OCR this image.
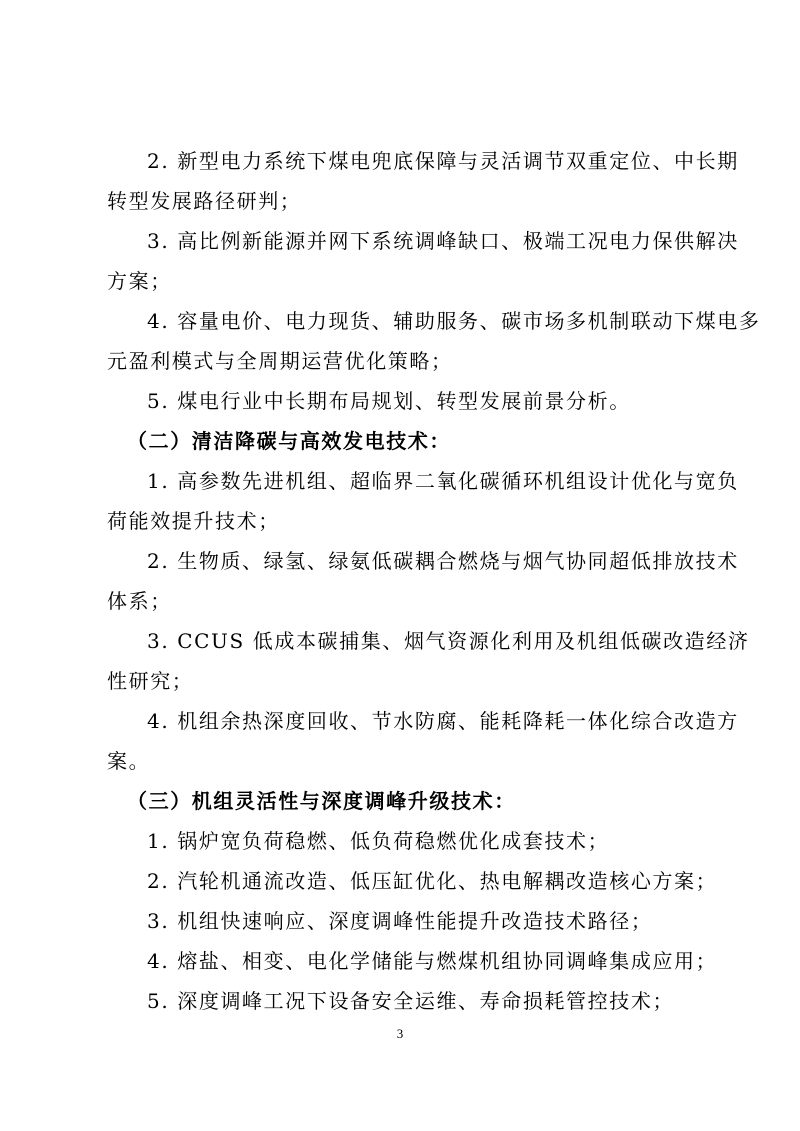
2. 新型电力系统下煤电兜底保障与灵活调节双重定位、中长期

转型发展路径研判；

3. 高比例新能源并网下系统调峰缺口、极端工况电力保供解决

方案；

4. 容量电价、电力现货、辅助服务、碳市场多机制联动下煤电多

元盈利模式与全周期运营优化策略；

5. 煤电行业中长期布局规划、转型发展前景分析。

（二）清洁降碳与高效发电技术：

1. 高参数先进机组、超临界二氧化碳循环机组设计优化与宽负

荷能效提升技术；

2. 生物质、绿氢、绿氨低碳耦合燃烧与烟气协同超低排放技术

体系；

3. CCUS 低成本碳捕集、烟气资源化利用及机组低碳改造经济

性研究；

4. 机组余热深度回收、节水防腐、能耗降耗一体化综合改造方

案。

（三）机组灵活性与深度调峰升级技术：

1. 锅炉宽负荷稳燃、低负荷稳燃优化成套技术；

2. 汽轮机通流改造、低压缸优化、热电解耦改造核心方案；

3. 机组快速响应、深度调峰性能提升改造技术路径；

4. 熔盐、相变、电化学储能与燃煤机组协同调峰集成应用；

5. 深度调峰工况下设备安全运维、寿命损耗管控技术；

3
